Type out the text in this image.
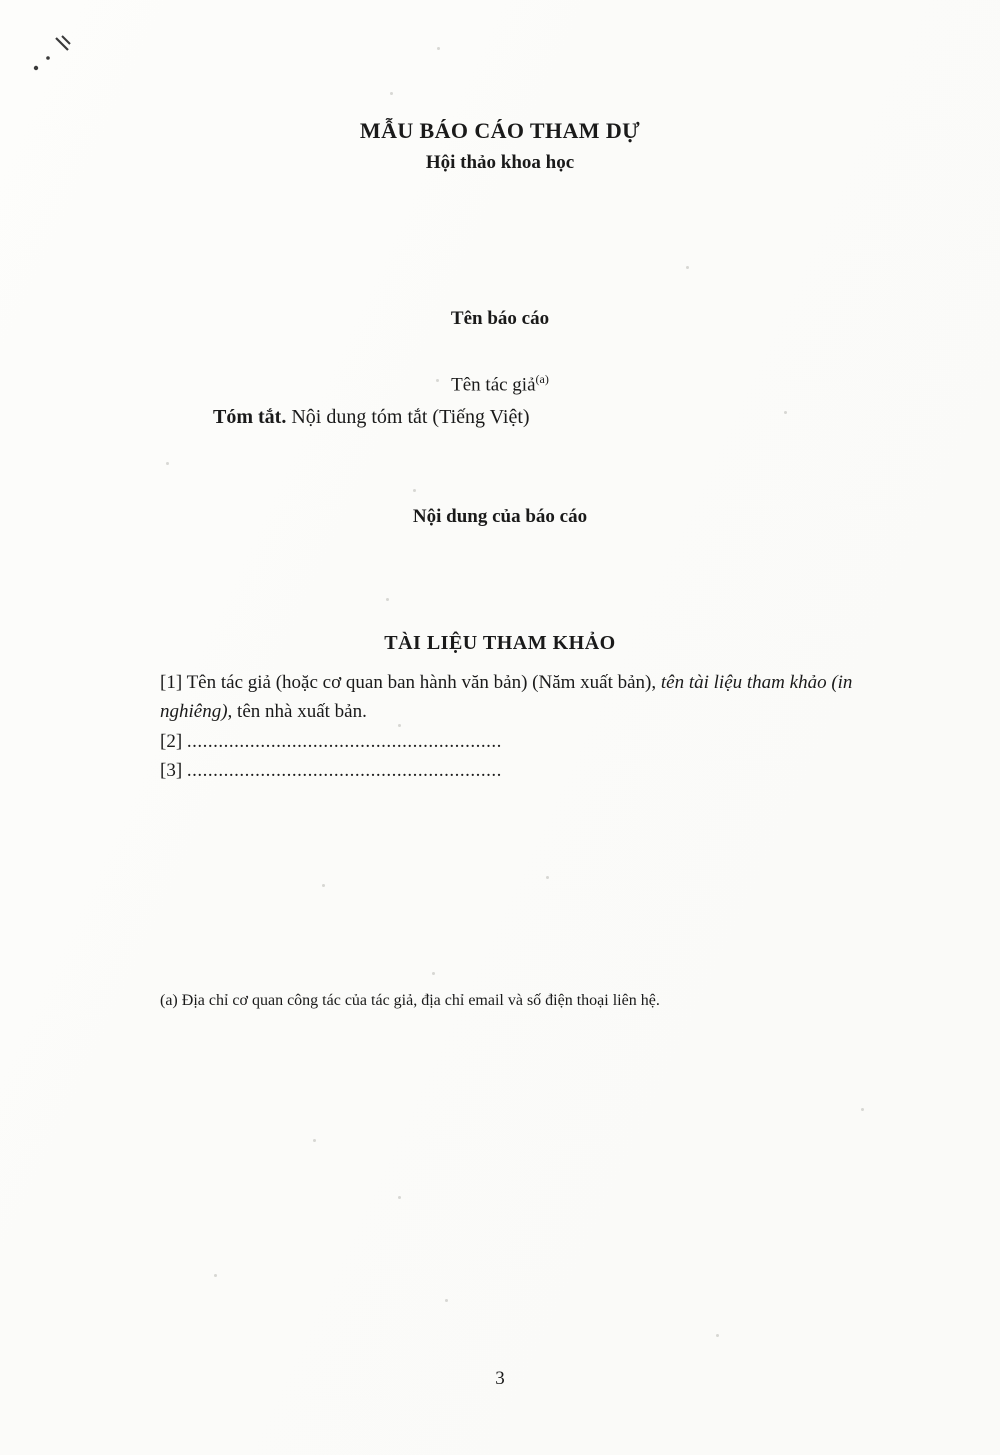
MẪU BÁO CÁO THAM DỰ
Hội thảo khoa học
Tên báo cáo
Tên tác giả$^{(a)}$
Tóm tắt. Nội dung tóm tắt (Tiếng Việt)
Nội dung của báo cáo
TÀI LIỆU THAM KHẢO
[1] Tên tác giả (hoặc cơ quan ban hành văn bản) (Năm xuất bản), tên tài liệu tham khảo (in nghiêng), tên nhà xuất bản.
[2] ............................................................
[3] ............................................................
(a) Địa chỉ cơ quan công tác của tác giả, địa chỉ email và số điện thoại liên hệ.
3
